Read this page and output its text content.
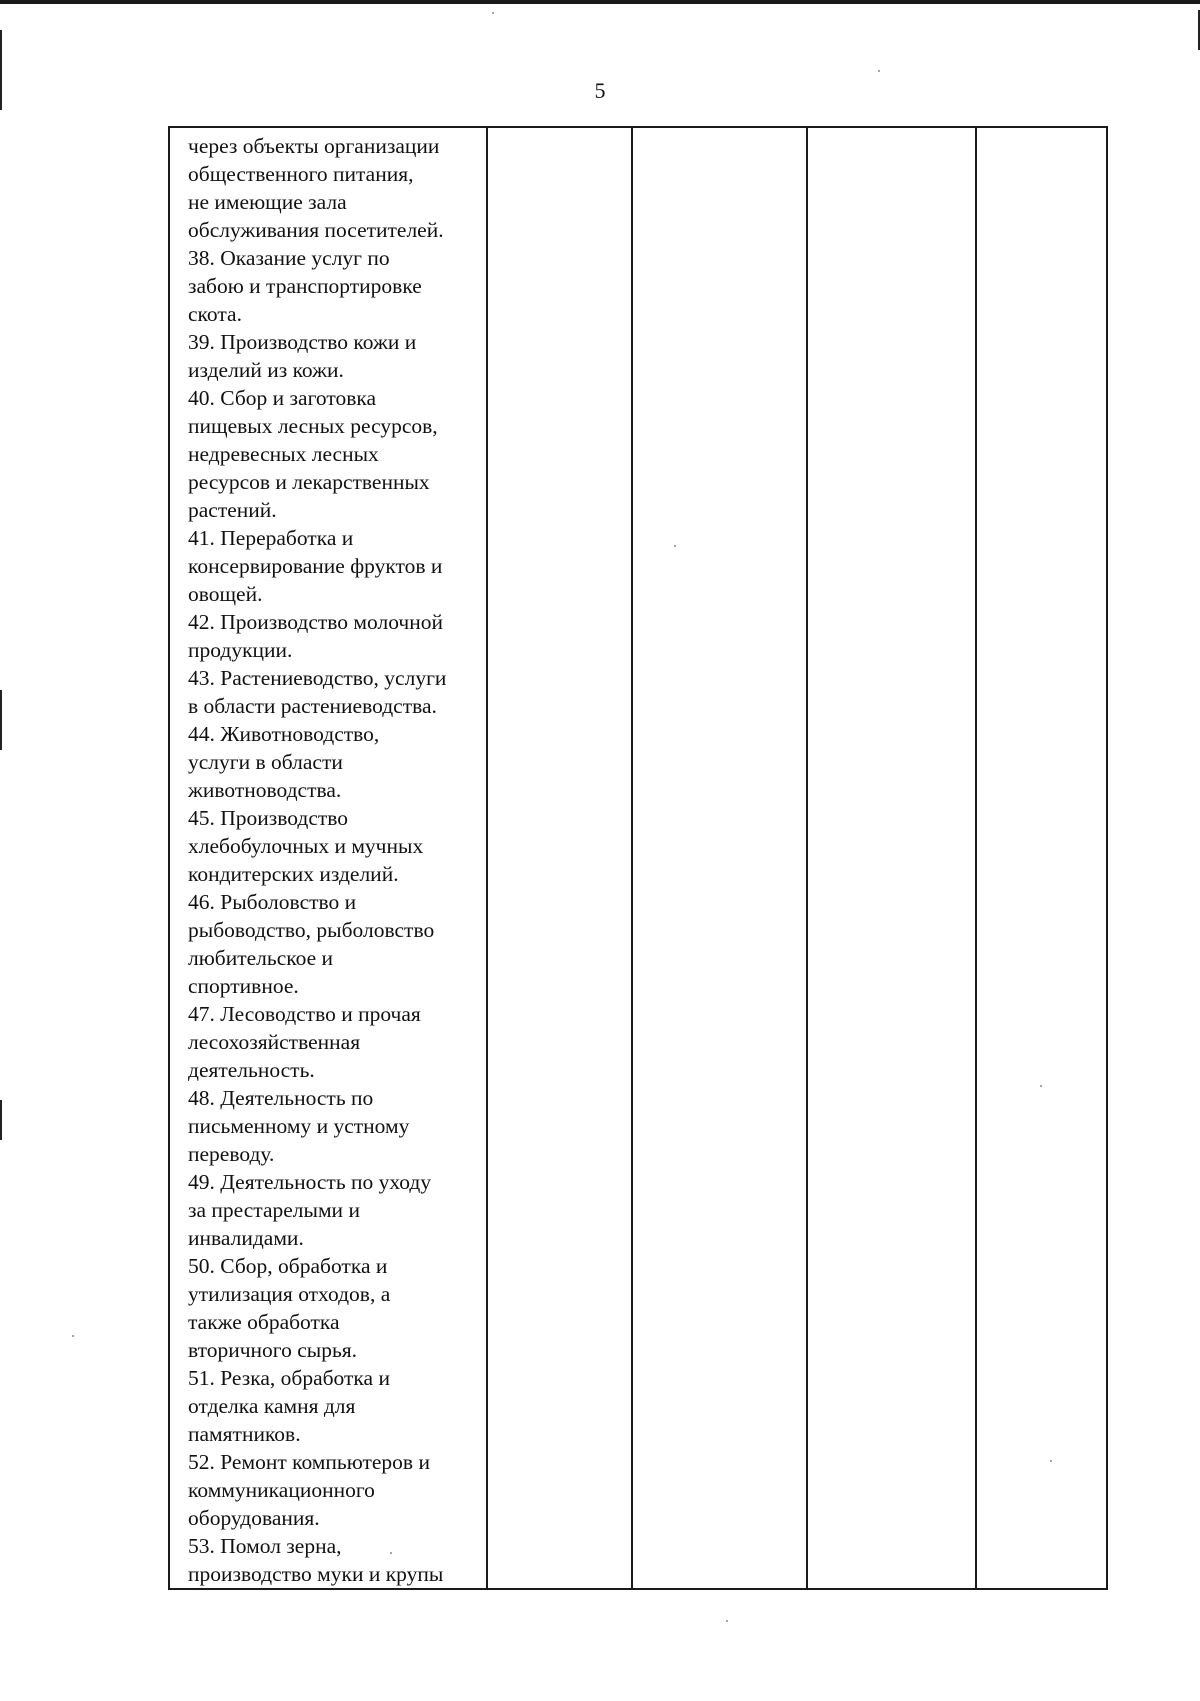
5
через объекты организации
общественного питания,
не имеющие зала
обслуживания посетителей.
38. Оказание услуг по
забою и транспортировке
скота.
39. Производство кожи и
изделий из кожи.
40. Сбор и заготовка
пищевых лесных ресурсов,
недревесных лесных
ресурсов и лекарственных
растений.
41. Переработка и
консервирование фруктов и
овощей.
42. Производство молочной
продукции.
43. Растениеводство, услуги
в области растениеводства.
44. Животноводство,
услуги в области
животноводства.
45. Производство
хлебобулочных и мучных
кондитерских изделий.
46. Рыболовство и
рыбоводство, рыболовство
любительское и
спортивное.
47. Лесоводство и прочая
лесохозяйственная
деятельность.
48. Деятельность по
письменному и устному
переводу.
49. Деятельность по уходу
за престарелыми и
инвалидами.
50. Сбор, обработка и
утилизация отходов, а
также обработка
вторичного сырья.
51. Резка, обработка и
отделка камня для
памятников.
52. Ремонт компьютеров и
коммуникационного
оборудования.
53. Помол зерна,
производство муки и крупы
